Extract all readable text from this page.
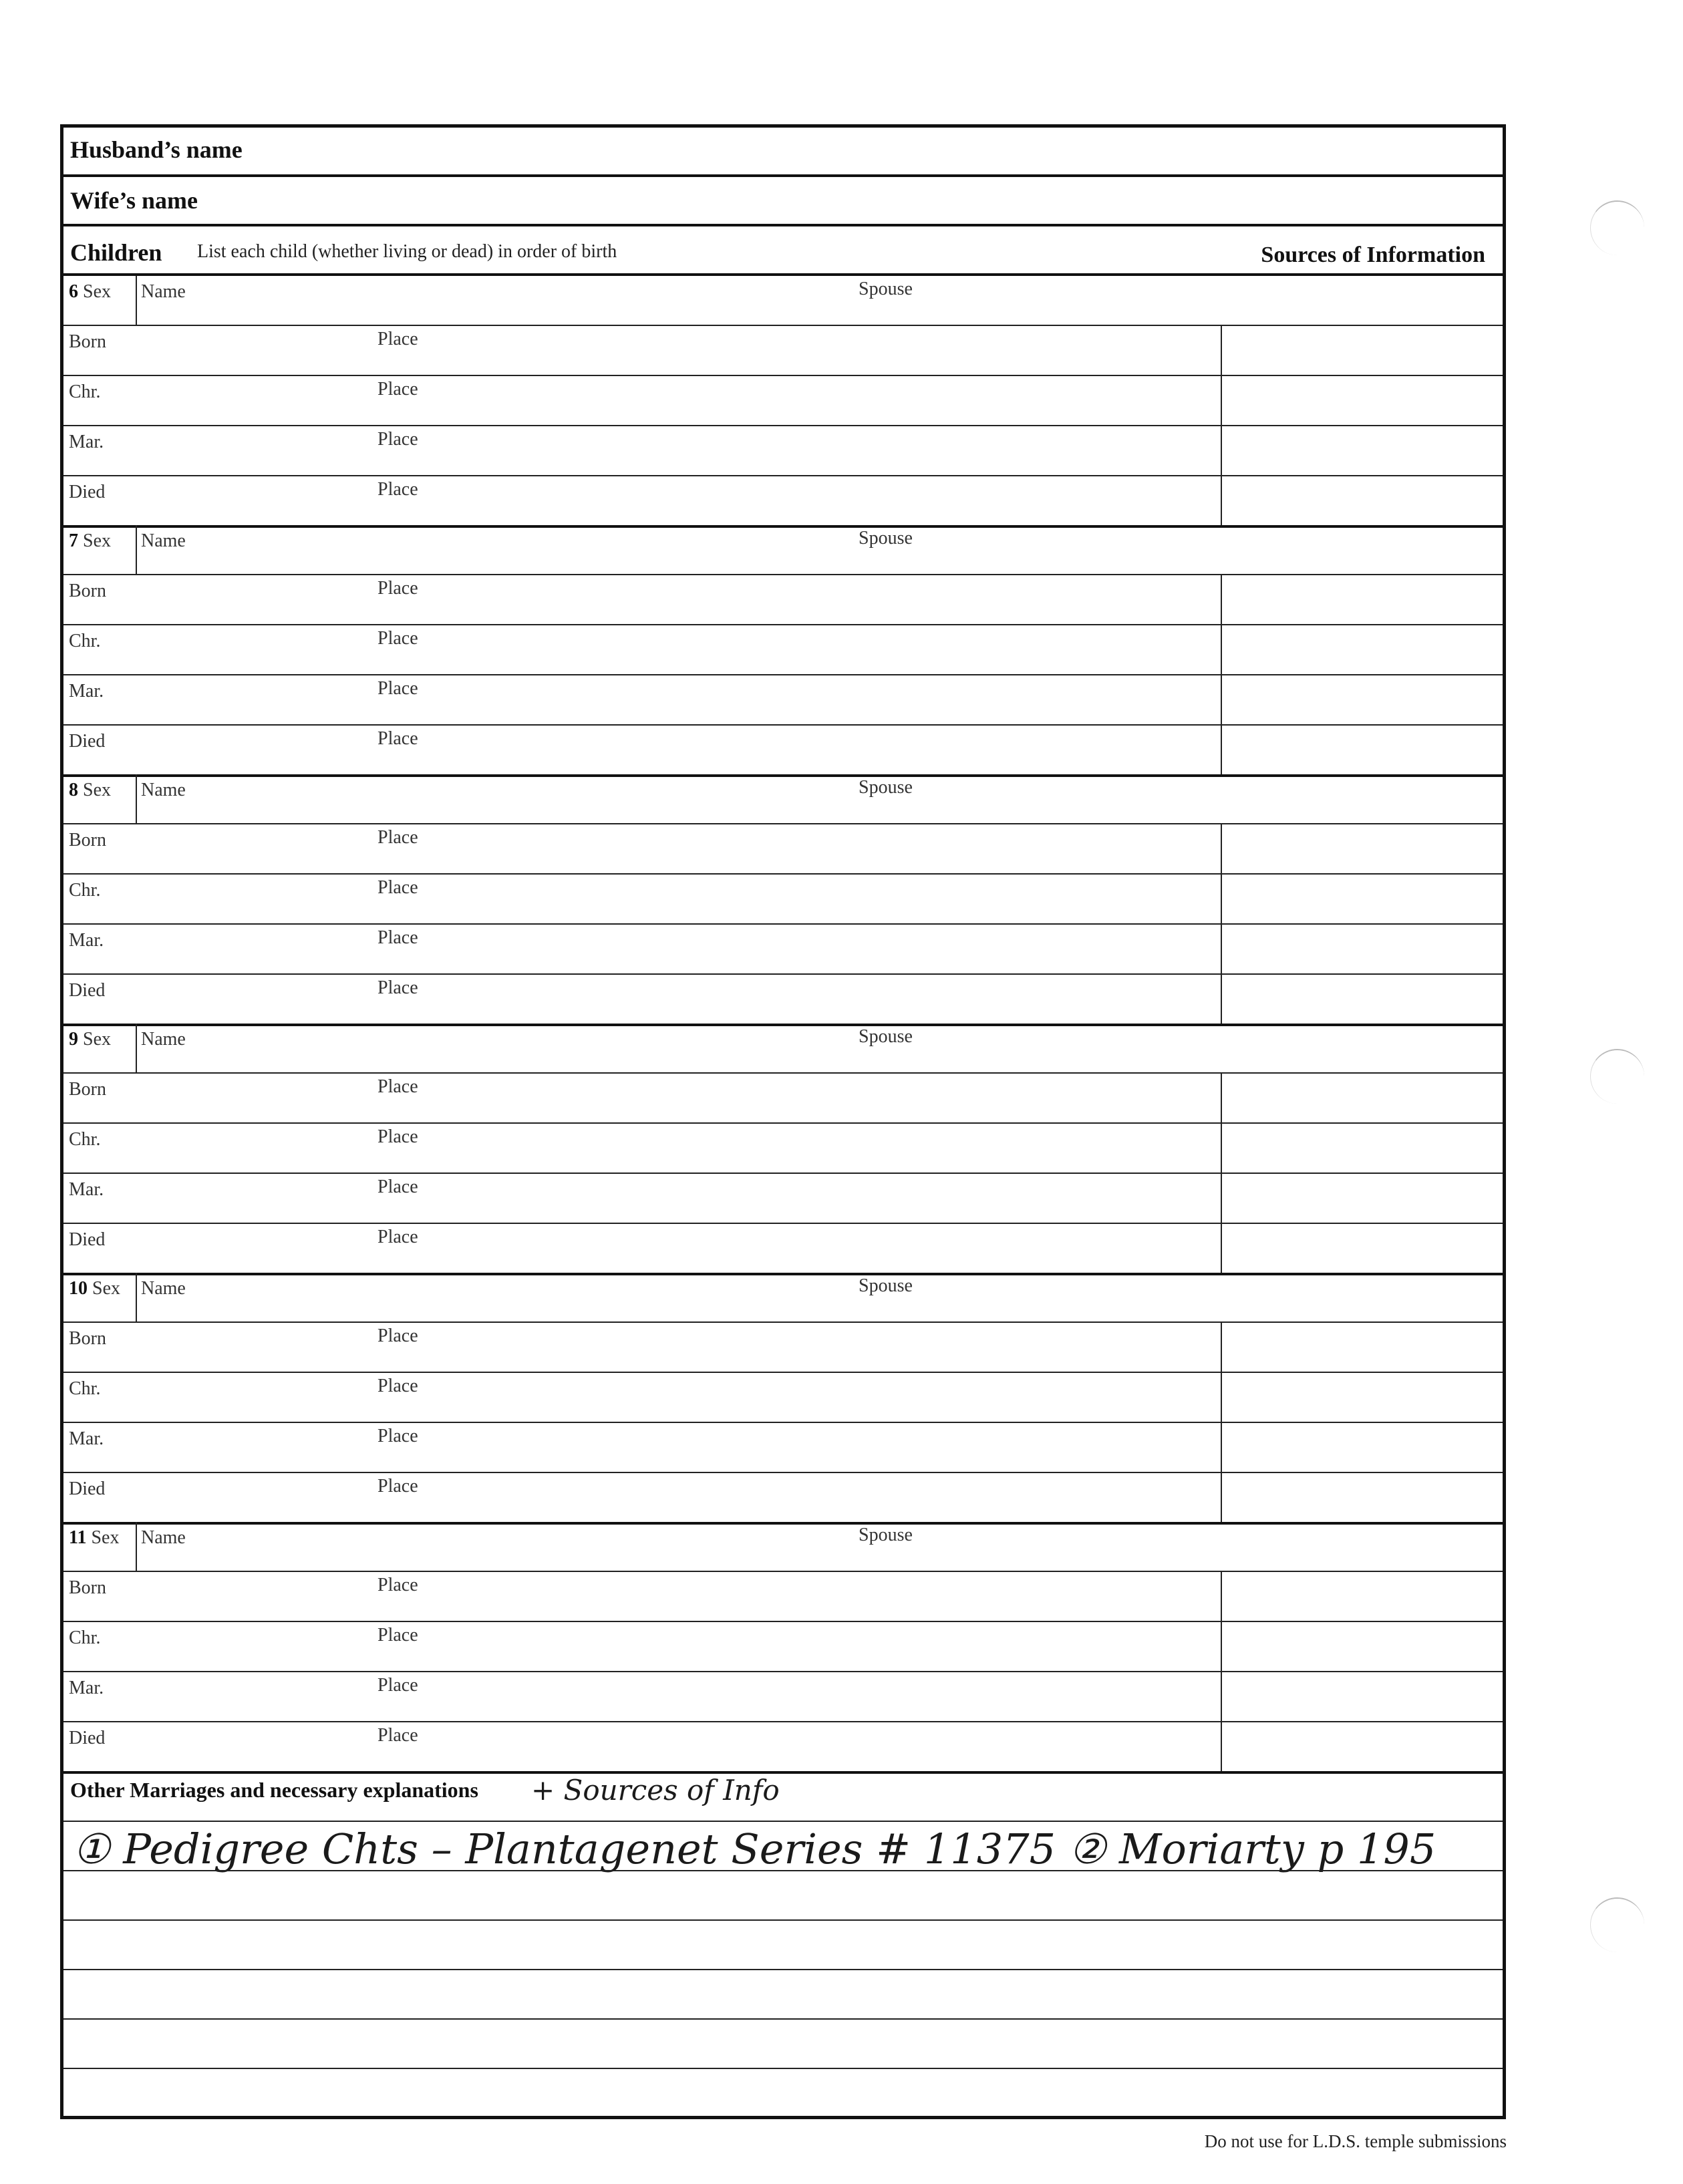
Husband’s name
Wife’s name
Children List each child (whether living or dead) in order of birth	Sources of Information
6 Sex Name	Spouse
Born	Place
Chr.	Place
Mar.	Place
Died	Place
7 Sex Name	Spouse
Born	Place
Chr.	Place
Mar.	Place
Died	Place
8 Sex Name	Spouse
Born	Place
Chr.	Place
Mar.	Place
Died	Place
9 Sex Name	Spouse
Born	Place
Chr.	Place
Mar.	Place
Died	Place
10 Sex Name	Spouse
Born	Place
Chr.	Place
Mar.	Place
Died	Place
11 Sex Name	Spouse
Born	Place
Chr.	Place
Mar.	Place
Died	Place
Other Marriages and necessary explanations + Sources of Info
① Pedigree Chts – Plantagenet Series # 11375 ② Moriarty p 195
Do not use for L.D.S. temple submissions
